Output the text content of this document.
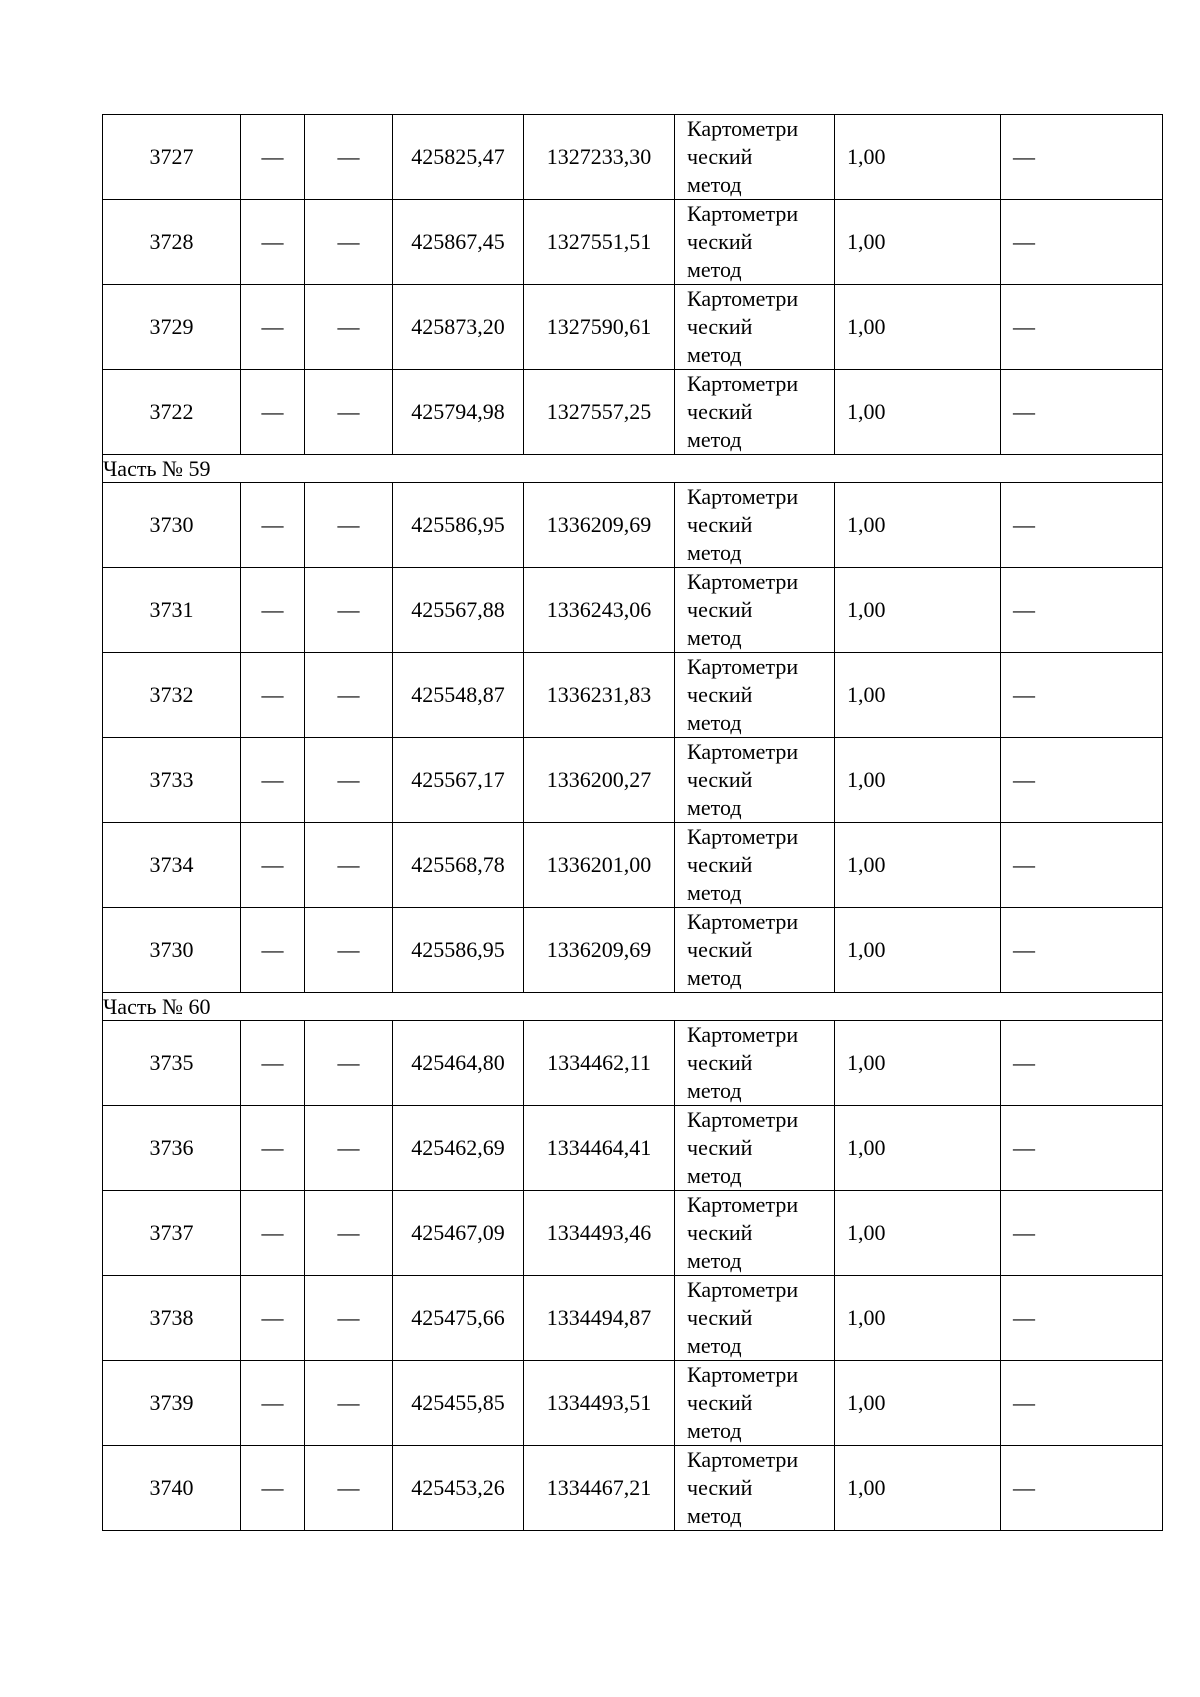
3727	—	—	425825,47	1327233,30	Картометри
ческий
метод	1,00	—
3728	—	—	425867,45	1327551,51	Картометри
ческий
метод	1,00	—
3729	—	—	425873,20	1327590,61	Картометри
ческий
метод	1,00	—
3722	—	—	425794,98	1327557,25	Картометри
ческий
метод	1,00	—
Часть № 59							
3730	—	—	425586,95	1336209,69	Картометри
ческий
метод	1,00	—
3731	—	—	425567,88	1336243,06	Картометри
ческий
метод	1,00	—
3732	—	—	425548,87	1336231,83	Картометри
ческий
метод	1,00	—
3733	—	—	425567,17	1336200,27	Картометри
ческий
метод	1,00	—
3734	—	—	425568,78	1336201,00	Картометри
ческий
метод	1,00	—
3730	—	—	425586,95	1336209,69	Картометри
ческий
метод	1,00	—
Часть № 60							
3735	—	—	425464,80	1334462,11	Картометри
ческий
метод	1,00	—
3736	—	—	425462,69	1334464,41	Картометри
ческий
метод	1,00	—
3737	—	—	425467,09	1334493,46	Картометри
ческий
метод	1,00	—
3738	—	—	425475,66	1334494,87	Картометри
ческий
метод	1,00	—
3739	—	—	425455,85	1334493,51	Картометри
ческий
метод	1,00	—
3740	—	—	425453,26	1334467,21	Картометри
ческий
метод	1,00	—
